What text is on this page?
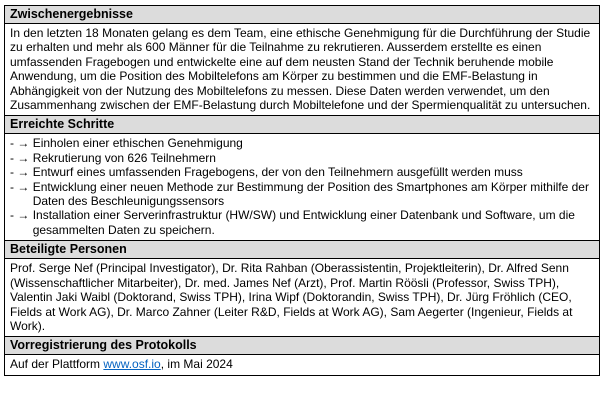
Zwischenergebnisse
In den letzten 18 Monaten gelang es dem Team, eine ethische Genehmigung für die Durchführung der Studie zu erhalten und mehr als 600 Männer für die Teilnahme zu rekrutieren. Ausserdem erstellte es einen umfassenden Fragebogen und entwickelte eine auf dem neusten Stand der Technik beruhende mobile Anwendung, um die Position des Mobiltelefons am Körper zu bestimmen und die EMF-Belastung in Abhängigkeit von der Nutzung des Mobiltelefons zu messen. Diese Daten werden verwendet, um den Zusammenhang zwischen der EMF-Belastung durch Mobiltelefone und der Spermienqualität zu untersuchen.
Erreichte Schritte
- →
Einholen einer ethischen Genehmigung
- →
Rekrutierung von 626 Teilnehmern
- →
Entwurf eines umfassenden Fragebogens, der von den Teilnehmern ausgefüllt werden muss
- →
Entwicklung einer neuen Methode zur Bestimmung der Position des Smartphones am Körper mithilfe der Daten des Beschleunigungssensors
- →
Installation einer Serverinfrastruktur (HW/SW) und Entwicklung einer Datenbank und Software, um die gesammelten Daten zu speichern.
Beteiligte Personen
Prof. Serge Nef (Principal Investigator), Dr. Rita Rahban (Oberassistentin, Projektleiterin), Dr. Alfred Senn (Wissenschaftlicher Mitarbeiter), Dr. med. James Nef (Arzt), Prof. Martin Röösli (Professor, Swiss TPH), Valentin Jaki Waibl (Doktorand, Swiss TPH), Irina Wipf (Doktorandin, Swiss TPH), Dr. Jürg Fröhlich (CEO, Fields at Work AG), Dr. Marco Zahner (Leiter R&D, Fields at Work AG), Sam Aegerter (Ingenieur, Fields at Work).
Vorregistrierung des Protokolls
Auf der Plattform www.osf.io, im Mai 2024
